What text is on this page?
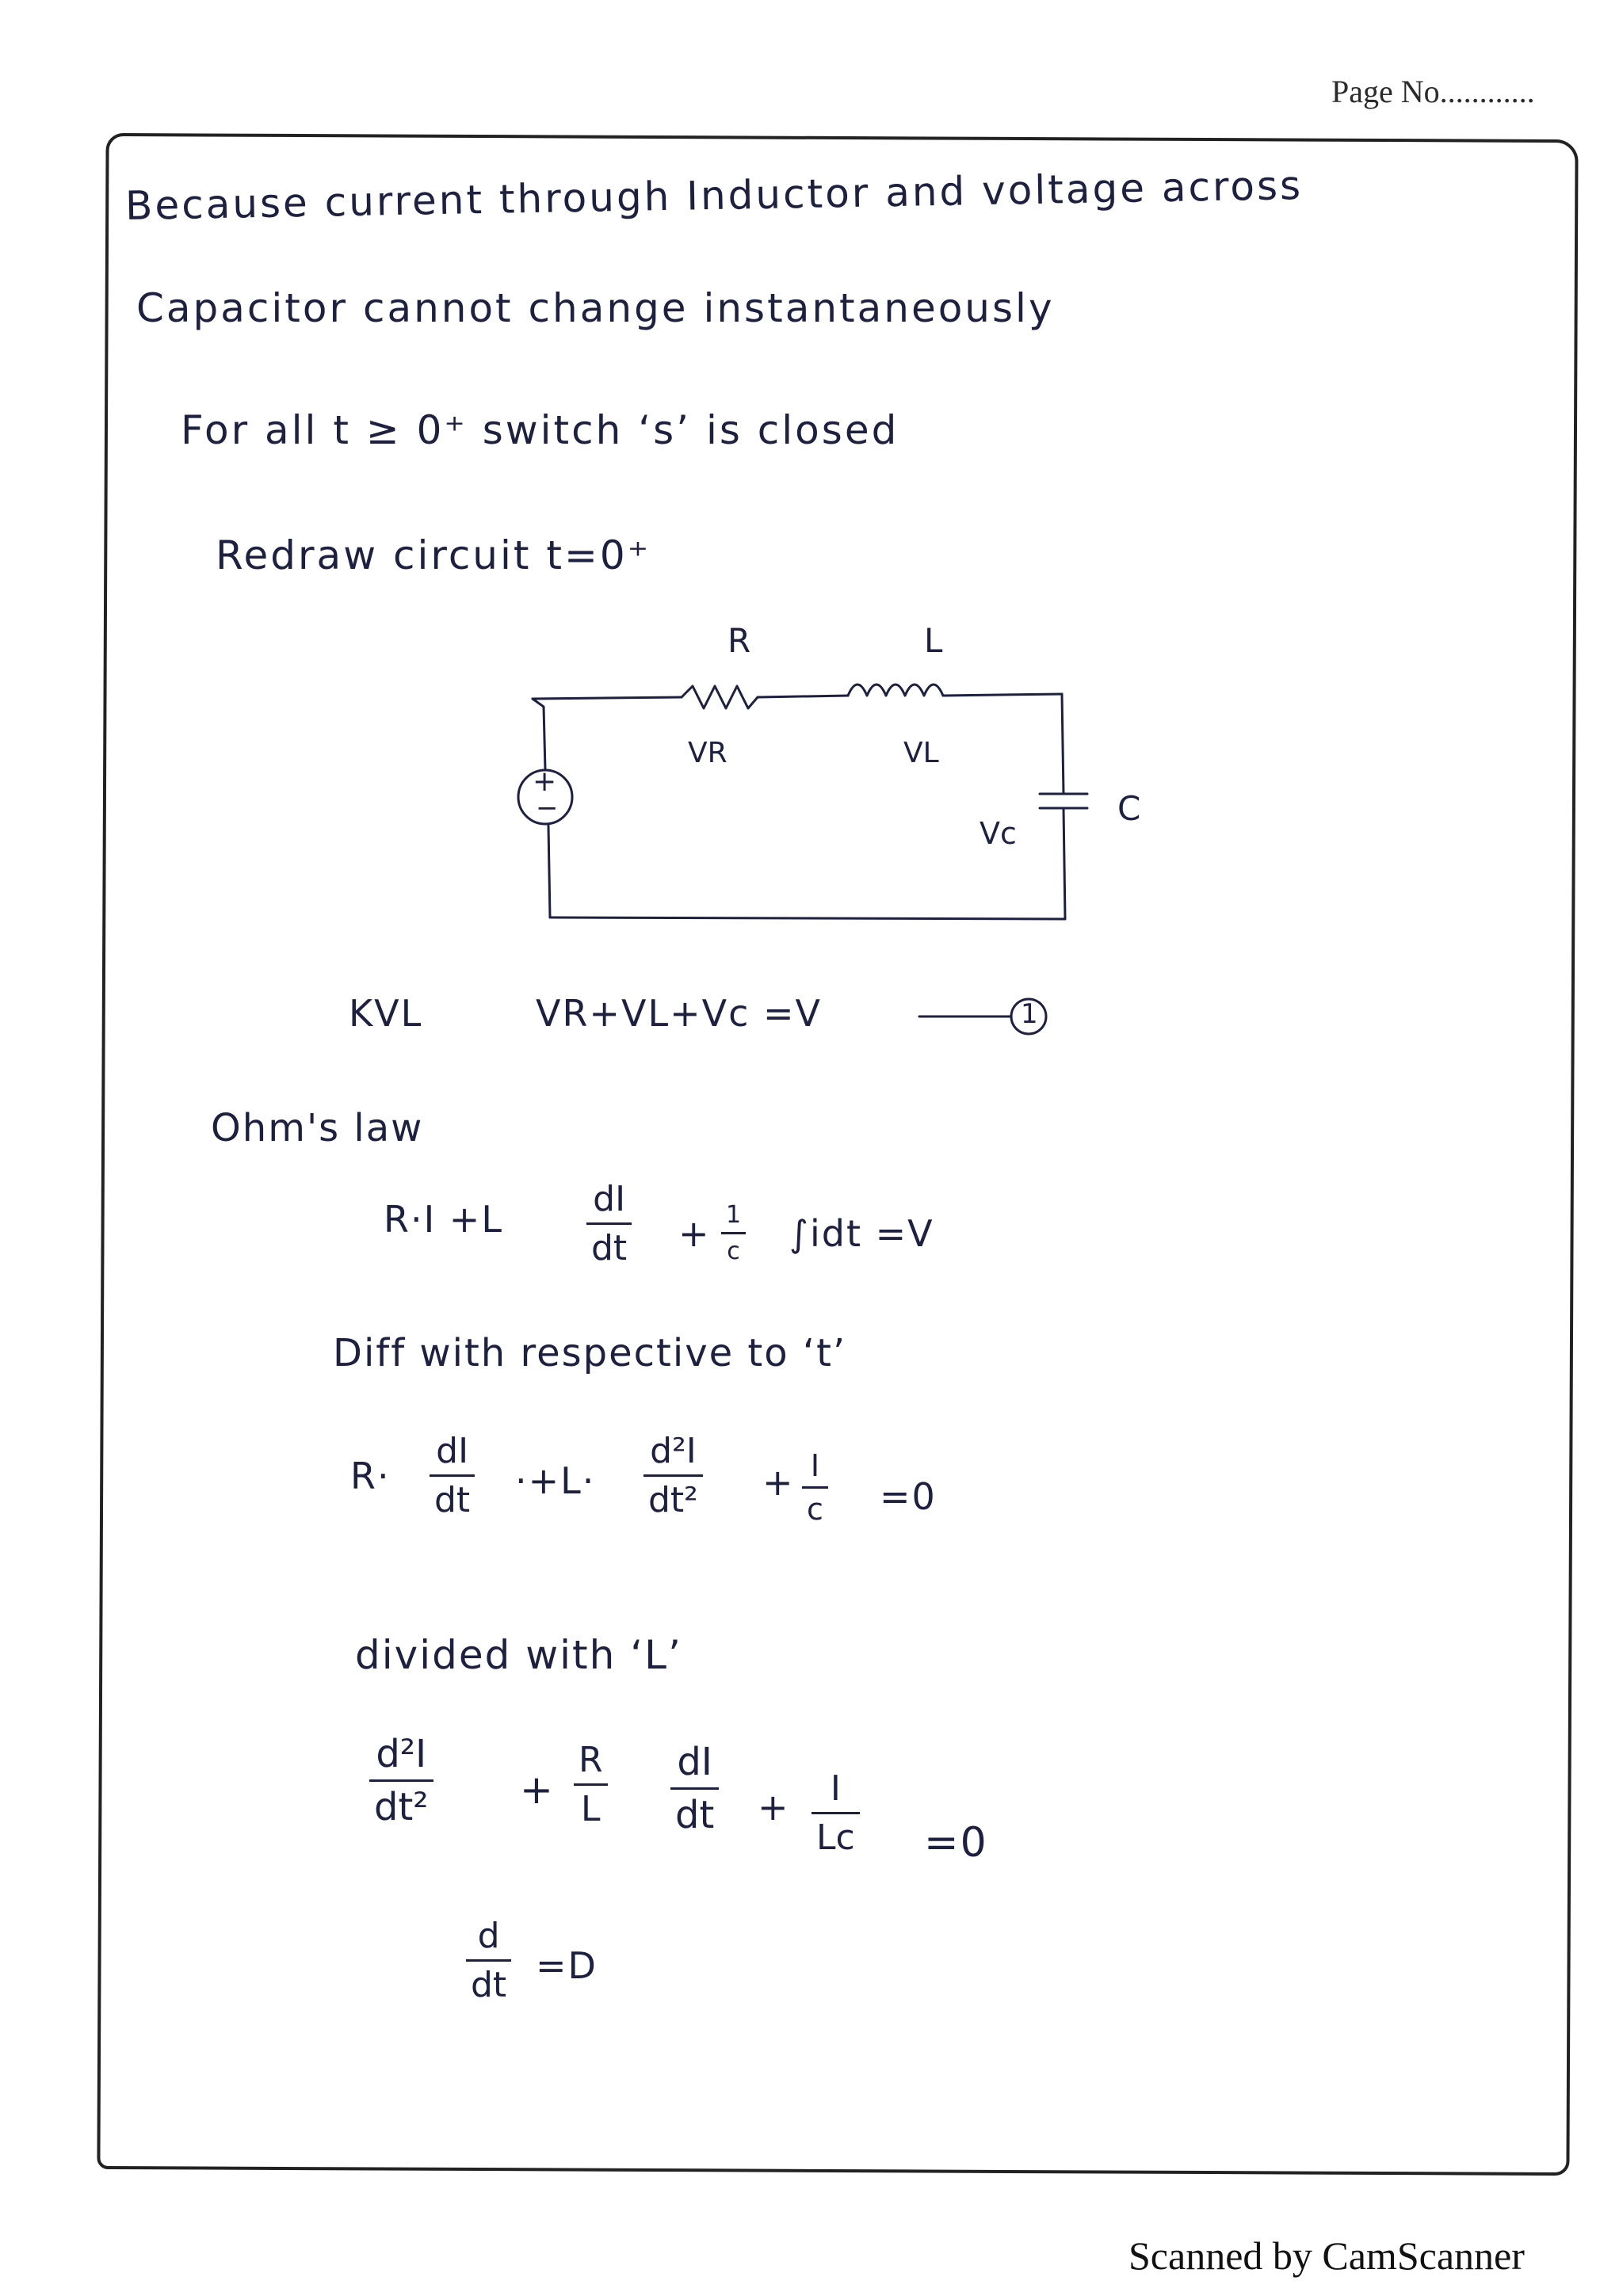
Page No............
Because current through Inductor and voltage across
Capacitor cannot change instantaneously
For all t ≥ 0⁺ switch ‘s’ is closed
Redraw circuit t=0⁺
R	L
VR	VL
C
Vc
+
−
KVL	VR+VL+Vc =V	1
Ohm's law
R·I +L	dI
dt + 1
c ∫idt =V
Diff with respective to ‘t’
R·
dI
dt ·+L·
d²I
dt² + I
c =0
divided with ‘L’
d²I
dt² +
R
L
dI
dt + I
Lc =0
d
dt =D
Scanned by CamScanner
